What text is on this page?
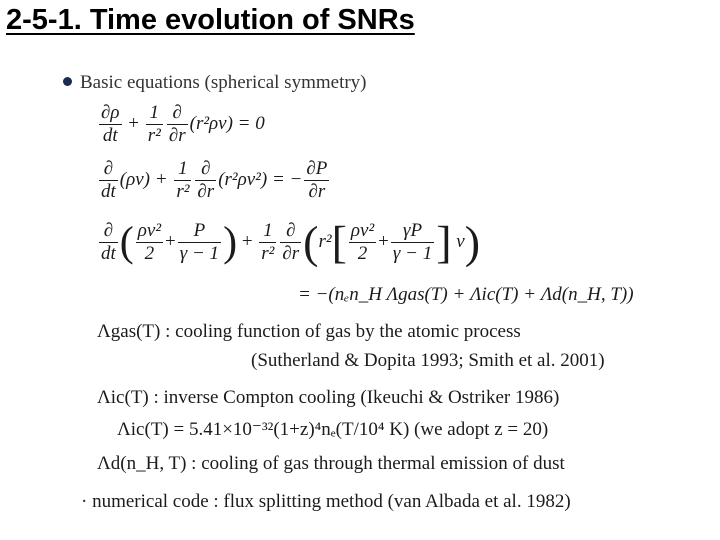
2-5-1. Time evolution of SNRs
Basic equations (spherical symmetry)
$\frac{\partial\rho}{dt} + \frac{1}{\text{r²}} \frac{\partial}{\partial r} (r^2\rho v) = 0$
$\frac{\partial}{dt} (\rho v) + \frac{1}{\text{r²}} \frac{\partial}{\partial r} (r^2\rho v^2)$ = − $\frac{\partial P}{\partial r}$
$\frac{\partial}{dt}$ ( $\frac{\text{ρv²}}{2} + \frac{P}{\gamma - 1}$ ) + $\frac{1}{\text{r²}} \frac{\partial}{\partial r} (r^2[ \frac{\text{ρv²}}{2} + \frac{\gamma P}{\gamma - 1}$ ] v)
= −(nₑn_H Λgas(T) + Λic(T) + Λd(n_H, T))
Λgas(T) : cooling function of gas by the atomic process
(Sutherland & Dopita 1993; Smith et al. 2001)
Λic(T) : inverse Compton cooling (Ikeuchi & Ostriker 1986)
Λic(T) = 5.41×10⁻³²(1+z)⁴nₑ(T/10⁴ K) (we adopt z = 20)
Λd(n_H, T) : cooling of gas through thermal emission of dust
· numerical code : flux splitting method (van Albada et al. 1982)
